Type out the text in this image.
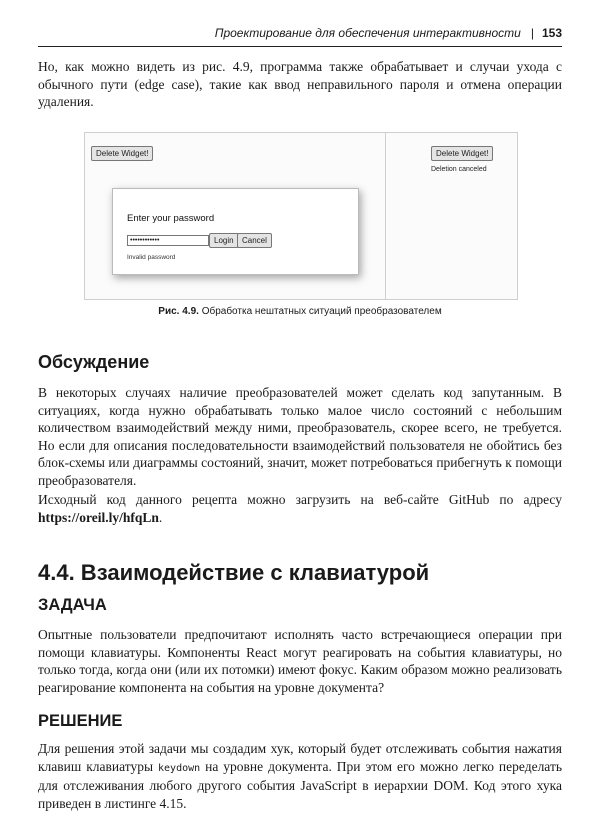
Проектирование для обеспечения интерактивности | 153

Но, как можно видеть из рис. 4.9, программа также обрабатывает и случаи ухода с обычного пути (edge case), такие как ввод неправильного пароля и отмена операции удаления.

Delete Widget!	Delete Widget!
Deletion canceled
Enter your password
••••••••••••	Login	Cancel
Invalid password
Рис. 4.9. Обработка нештатных ситуаций преобразователем
Обсуждение

В некоторых случаях наличие преобразователей может сделать код запутанным. В ситуациях, когда нужно обрабатывать только малое число состояний с небольшим количеством взаимодействий между ними, преобразователь, скорее всего, не требуется. Но если для описания последовательности взаимодействий пользователя не обойтись без блок-схемы или диаграммы состояний, значит, может потребоваться прибегнуть к помощи преобразователя.

Исходный код данного рецепта можно загрузить на веб-сайте GitHub по адресу https://oreil.ly/hfqLn.

4.4. Взаимодействие с клавиатурой
ЗАДАЧА

Опытные пользователи предпочитают исполнять часто встречающиеся операции при помощи клавиатуры. Компоненты React могут реагировать на события клавиатуры, но только тогда, когда они (или их потомки) имеют фокус. Каким образом можно реализовать реагирование компонента на события на уровне документа?

РЕШЕНИЕ

Для решения этой задачи мы создадим хук, который будет отслеживать события нажатия клавиш клавиатуры keydown на уровне документа. При этом его можно легко переделать для отслеживания любого другого события JavaScript в иерархии DOM. Код этого хука приведен в листинге 4.15.
